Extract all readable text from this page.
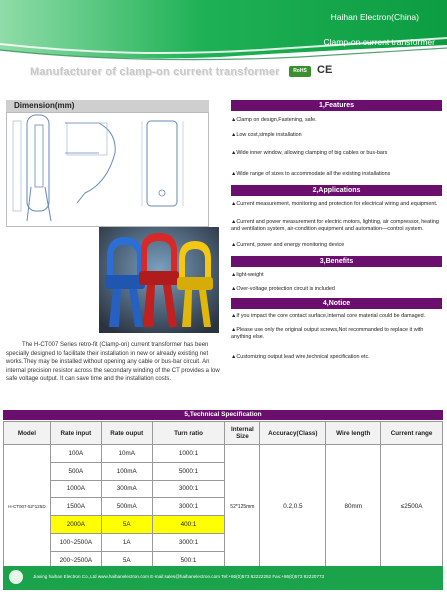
Haihan Electron(China)
Clamp-on current transformer
Manufacturer of clamp-on current transformer	RoHS CE
Dimension(mm)
The H-CT007 Series retro-fit (Clamp-on) current transformer has been specially designed to facilitate their installation in new or already existing net works.They may be installed without opening any cable or bus-bar circuit. An internal precision resistor across the secondary winding of the CT provides a low safe voltage output. It can save time and the installation costs.
1,Features
▲Clamp on design,Fastening, safe.
▲Low cost,simple installation
▲Wide inner window, allowing clamping of big cables or bus-bars
▲Wide range of sizes to accommodate all the existing installations
2,Applications
▲Current measurement, monitoring and protection for electrical wiring and equipment.
▲Current and power measurement for electric motors, lighting, air compressor, heating and ventilation system, air-condition equipment and automation—control system.
▲Current, power and energy monitoring device
3,Benefits
▲light-weight
▲Over-voltage protection circuit is included
4,Notice
▲If you impact the core contact surface,internal core material could be damaged.
▲Please use only the original output screws,Not recommanded to replace it with anything else.
▲Customizing output lead wire,technical specification etc.
5,Technical Specification
Model	Rate input	Rate ouput	Turn ratio	Internal Size	Accuracy(Class)	Wire length	Current range
H-CT007-52*125D	100A	10mA	1000:1	52*125mm	0.2,0.5	80mm	≤2500A
	500A	100mA	5000:1				
	1000A	300mA	3000:1				
	1500A	500mA	3000:1				
	2000A	5A	400:1				
	100~2500A	1A	3000:1				
	200~2500A	5A	500:1				
Jiaxing haihan Electron Co.,Ltd www.haihanelectron.com E-mail:sales@haihanelectron.com Tel:+86(0)573 82222252 Fax:+86(0)573 82220773
